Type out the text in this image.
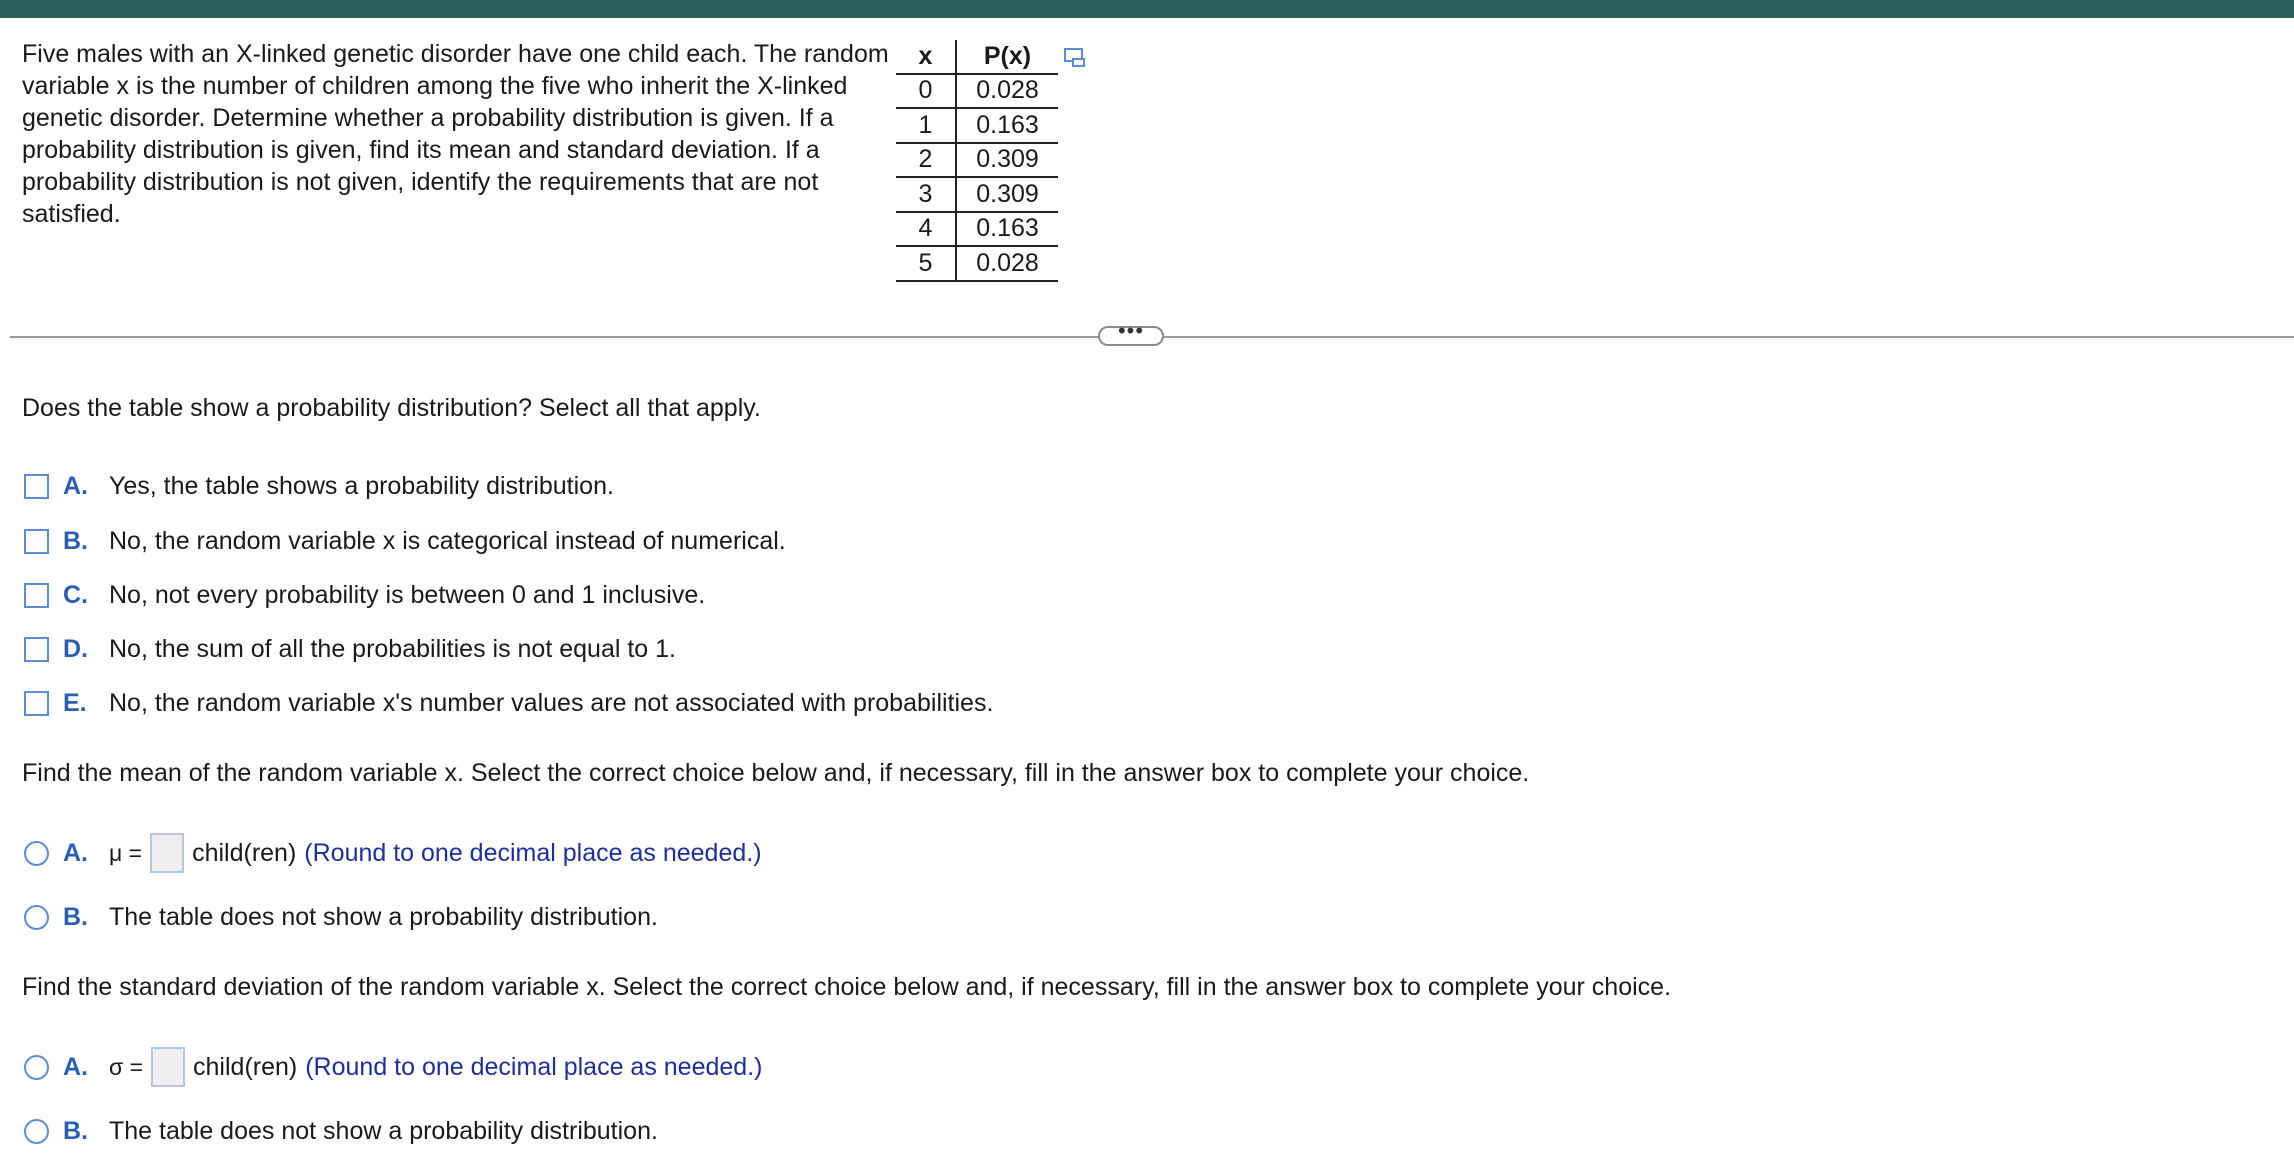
Five males with an X-linked genetic disorder have one child each. The random variable x is the number of children among the five who inherit the X-linked genetic disorder. Determine whether a probability distribution is given. If a probability distribution is given, find its mean and standard deviation. If a probability distribution is not given, identify the requirements that are not satisfied.
x	P(x)
0	0.028
1	0.163
2	0.309
3	0.309
4	0.163
5	0.028
•••
Does the table show a probability distribution? Select all that apply.
A. Yes, the table shows a probability distribution.
B. No, the random variable x is categorical instead of numerical.
C. No, not every probability is between 0 and 1 inclusive.
D. No, the sum of all the probabilities is not equal to 1.
E. No, the random variable x's number values are not associated with probabilities.
Find the mean of the random variable x. Select the correct choice below and, if necessary, fill in the answer box to complete your choice.
A. μ = child(ren) (Round to one decimal place as needed.)
B. The table does not show a probability distribution.
Find the standard deviation of the random variable x. Select the correct choice below and, if necessary, fill in the answer box to complete your choice.
A. σ = child(ren) (Round to one decimal place as needed.)
B. The table does not show a probability distribution.
